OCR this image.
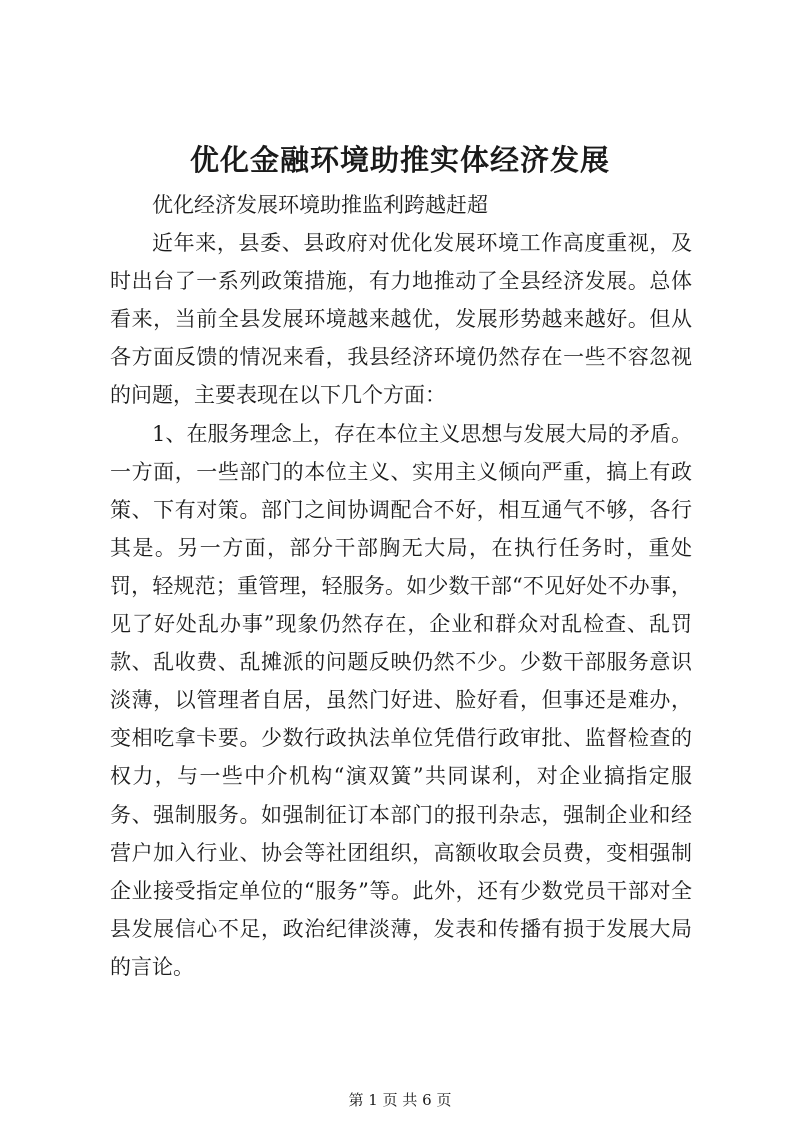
优化金融环境助推实体经济发展

优化经济发展环境助推监利跨越赶超

近年来，县委、县政府对优化发展环境工作高度重视，及时出台了一系列政策措施，有力地推动了全县经济发展。总体看来，当前全县发展环境越来越优，发展形势越来越好。但从各方面反馈的情况来看，我县经济环境仍然存在一些不容忽视的问题，主要表现在以下几个方面：

1、在服务理念上，存在本位主义思想与发展大局的矛盾。一方面，一些部门的本位主义、实用主义倾向严重，搞上有政策、下有对策。部门之间协调配合不好，相互通气不够，各行其是。另一方面，部分干部胸无大局，在执行任务时，重处罚，轻规范；重管理，轻服务。如少数干部“不见好处不办事，见了好处乱办事”现象仍然存在，企业和群众对乱检查、乱罚款、乱收费、乱摊派的问题反映仍然不少。少数干部服务意识淡薄，以管理者自居，虽然门好进、脸好看，但事还是难办，变相吃拿卡要。少数行政执法单位凭借行政审批、监督检查的权力，与一些中介机构“演双簧”共同谋利，对企业搞指定服务、强制服务。如强制征订本部门的报刊杂志，强制企业和经营户加入行业、协会等社团组织，高额收取会员费，变相强制企业接受指定单位的“服务”等。此外，还有少数党员干部对全县发展信心不足，政治纪律淡薄，发表和传播有损于发展大局的言论。

第 1 页 共 6 页
